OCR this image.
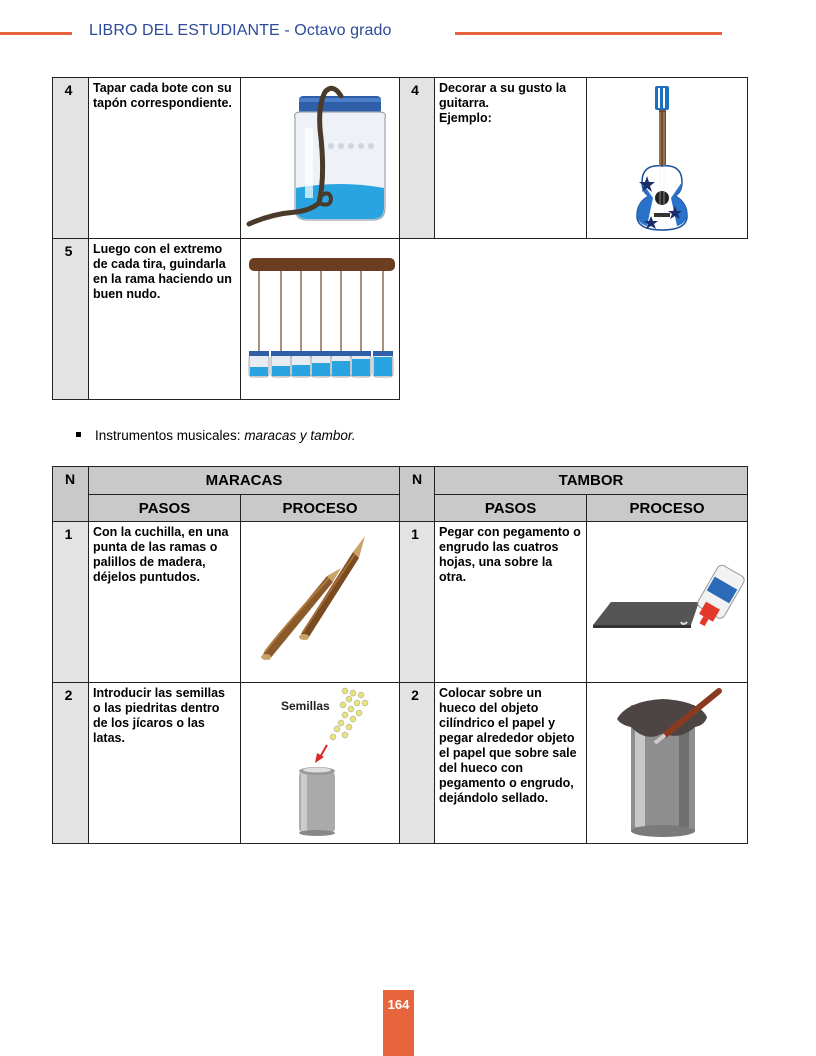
LIBRO DEL ESTUDIANTE - Octavo grado
4	Tapar cada bote con su tapón correspondiente.		4	Decorar a su gusto la guitarra.
Ejemplo:	

5	Luego con el extremo de cada tira, guindarla en la rama haciendo un buen nudo.	

Instrumentos musicales: maracas y tambor.
N	MARACAS		N	TAMBOR	
	PASOS	PROCESO		PASOS	PROCESO

1	Con la cuchilla, en una punta de las ramas o palillos de madera, déjelos puntudos.		1	Pegar con pegamento o engrudo las cuatros hojas, una sobre la otra.	

2	Introducir las semillas o las piedritas dentro de los jícaros o las latas.	Semillas	2	Colocar sobre un hueco del objeto cilíndrico el papel y pegar alrededor objeto el papel que sobre sale del hueco con pegamento o engrudo, dejándolo sellado.	
164
